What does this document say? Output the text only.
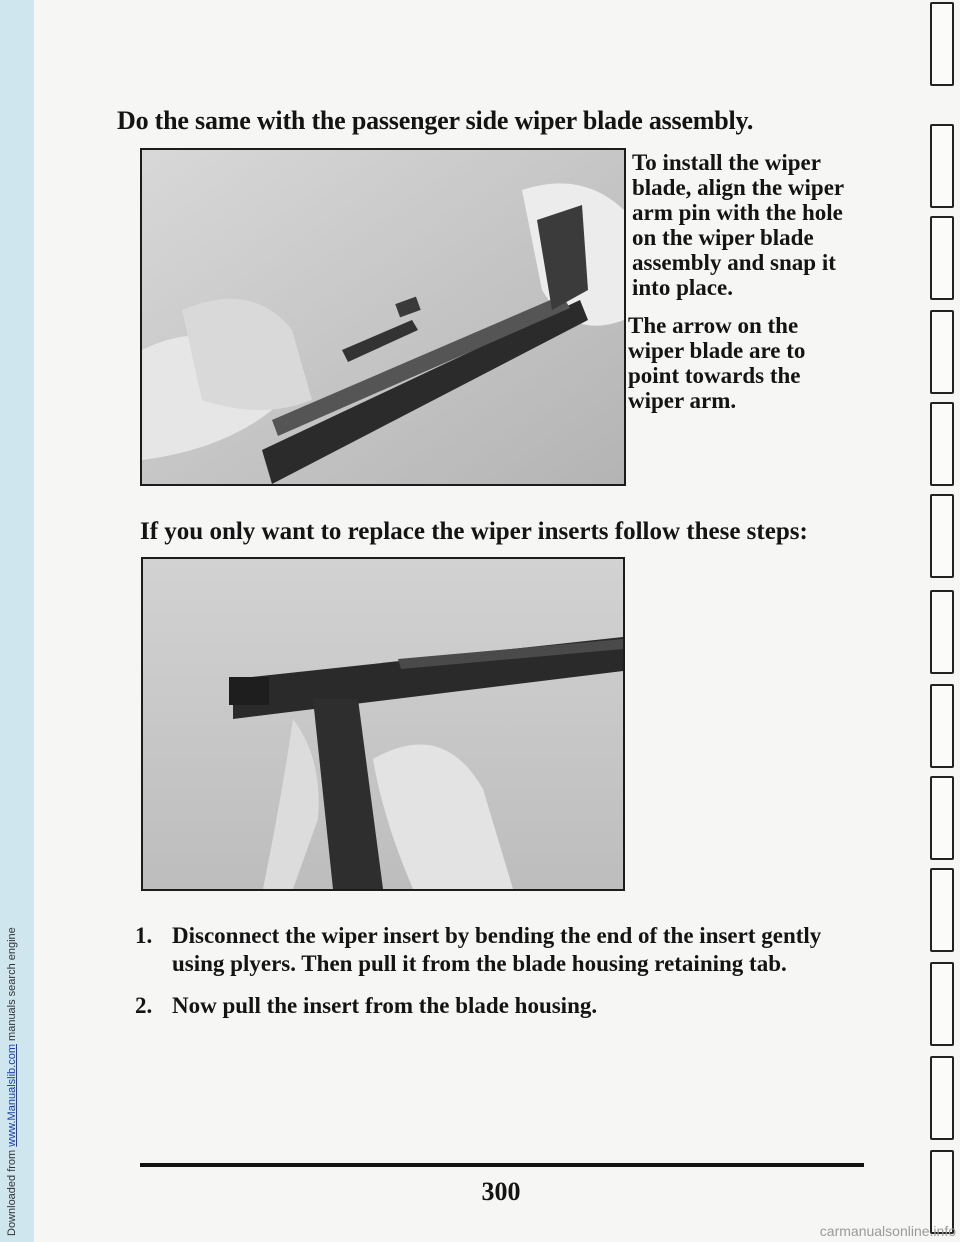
Downloaded from www.Manualslib.com manuals search engine
Do the same with the passenger side wiper blade assembly.

To install the wiper blade, align the wiper arm pin with the hole on the wiper blade assembly and snap it into place.

The arrow on the wiper blade are to point towards the wiper arm.

If you only want to replace the wiper inserts follow these steps:
1. Disconnect the wiper insert by bending the end of the insert gently using plyers. Then pull it from the blade housing retaining tab.
2. Now pull the insert from the blade housing.
300
carmanualsonline.info
